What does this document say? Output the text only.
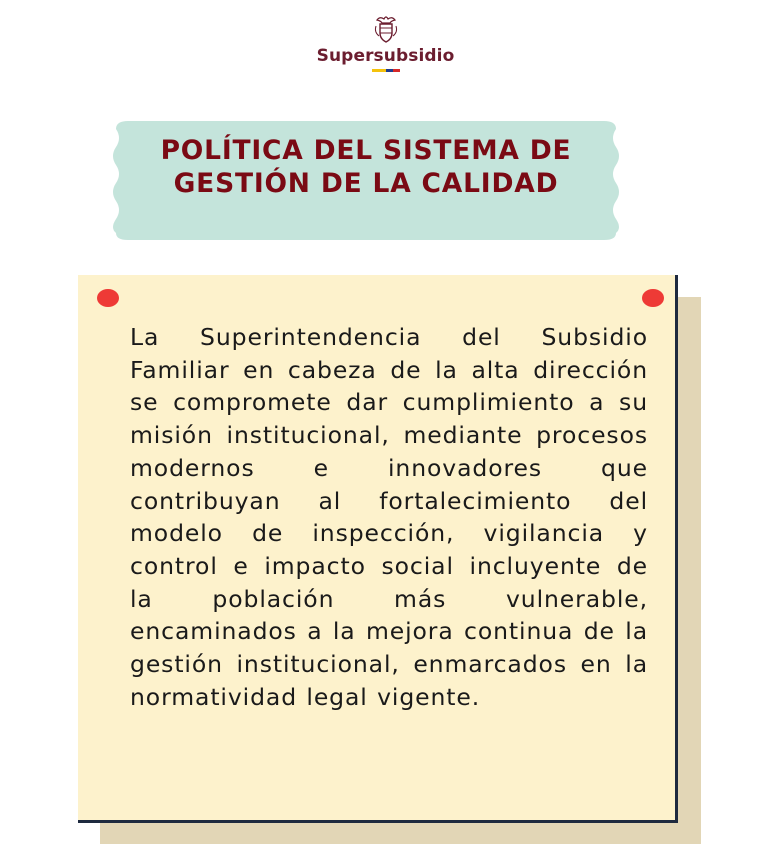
Supersubsidio
POLÍTICA DEL SISTEMA DE GESTIÓN DE LA CALIDAD

La Superintendencia del Subsidio Familiar en cabeza de la alta dirección se compromete dar cumplimiento a su misión institucional, mediante procesos modernos e innovadores que contribuyan al fortalecimiento del modelo de inspección, vigilancia y control e impacto social incluyente de la población más vulnerable, encaminados a la mejora continua de la gestión institucional, enmarcados en la normatividad legal vigente.
